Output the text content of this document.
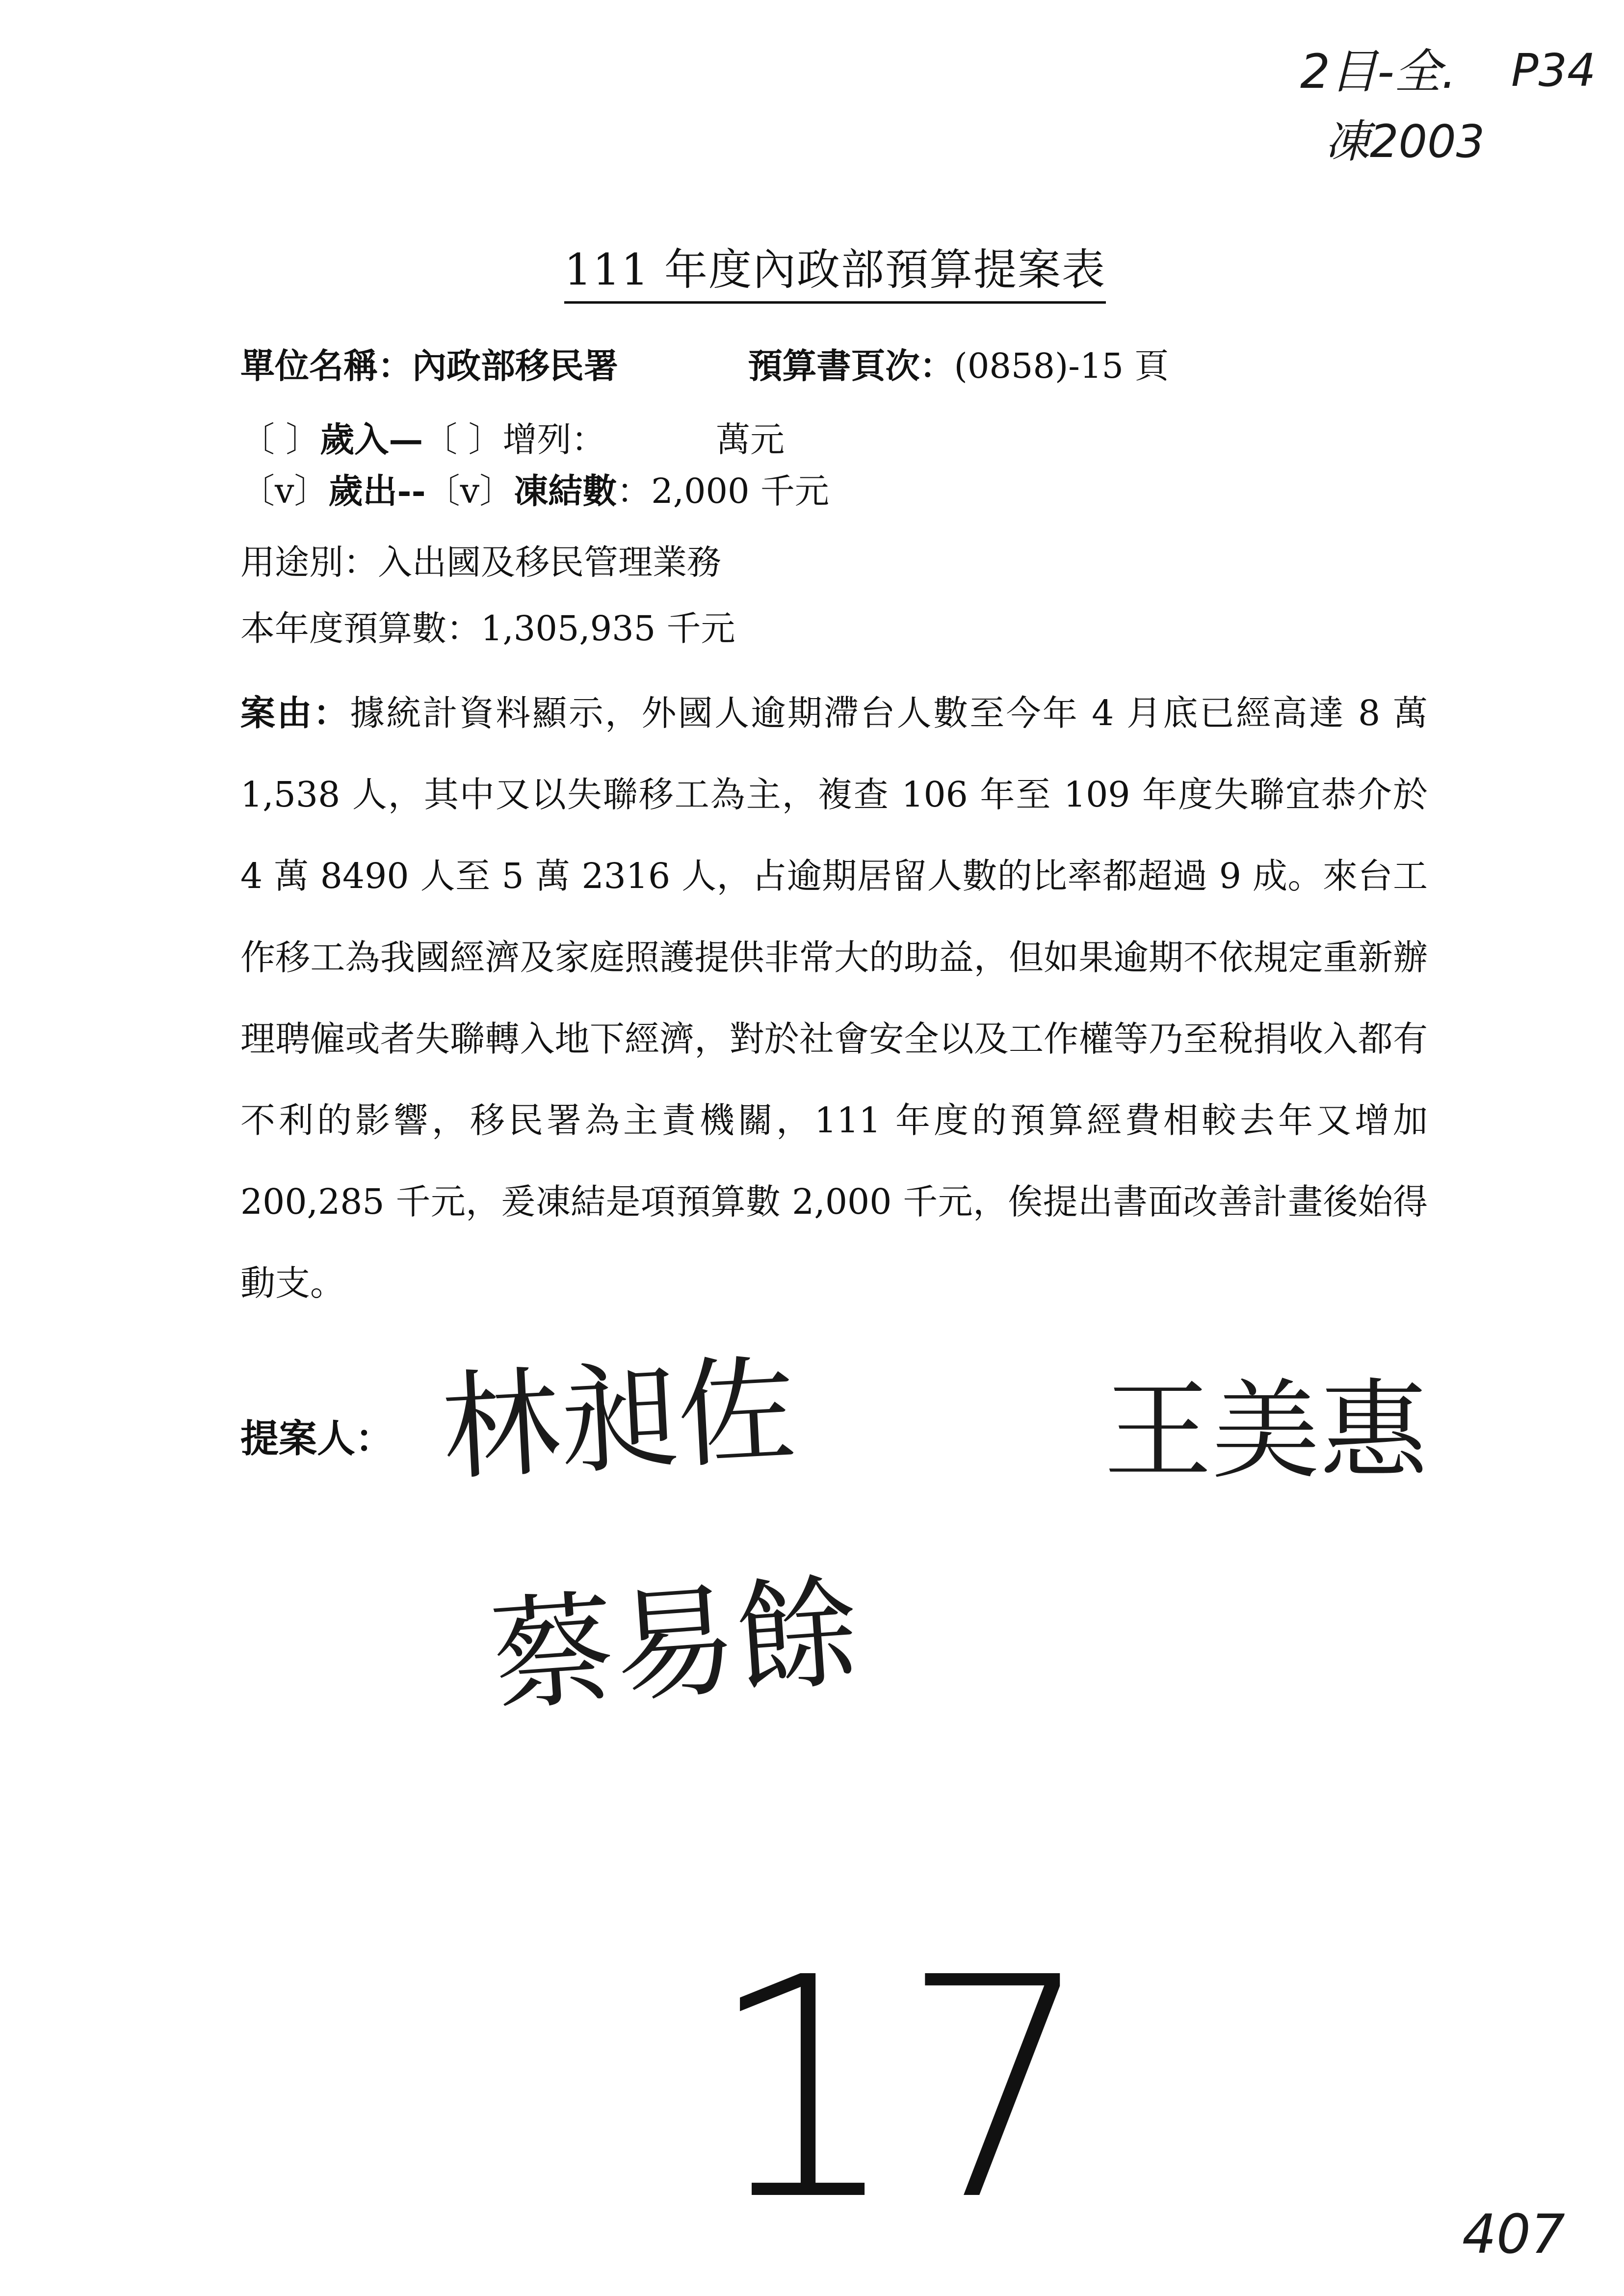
2目-全. P34
凍2003
111 年度內政部預算提案表
單位名稱：內政部移民署	預算書頁次：(0858)-15 頁
〔 〕歲入—〔 〕增列：	萬元
〔v〕歲出--〔v〕凍結數：2,000 千元
用途別：入出國及移民管理業務
本年度預算數：1,305,935 千元
案由：據統計資料顯示，外國人逾期滯台人數至今年 4 月底已經高達 8 萬 1,538 人，其中又以失聯移工為主，複查 106 年至 109 年度失聯宜恭介於 4 萬 8490 人至 5 萬 2316 人，占逾期居留人數的比率都超過 9 成。來台工作移工為我國經濟及家庭照護提供非常大的助益，但如果逾期不依規定重新辦理聘僱或者失聯轉入地下經濟，對於社會安全以及工作權等乃至稅捐收入都有不利的影響，移民署為主責機關，111 年度的預算經費相較去年又增加 200,285 千元，爰凍結是項預算數 2,000 千元，俟提出書面改善計畫後始得動支。
提案人： 林昶佐	王美惠
蔡易餘
17	407
